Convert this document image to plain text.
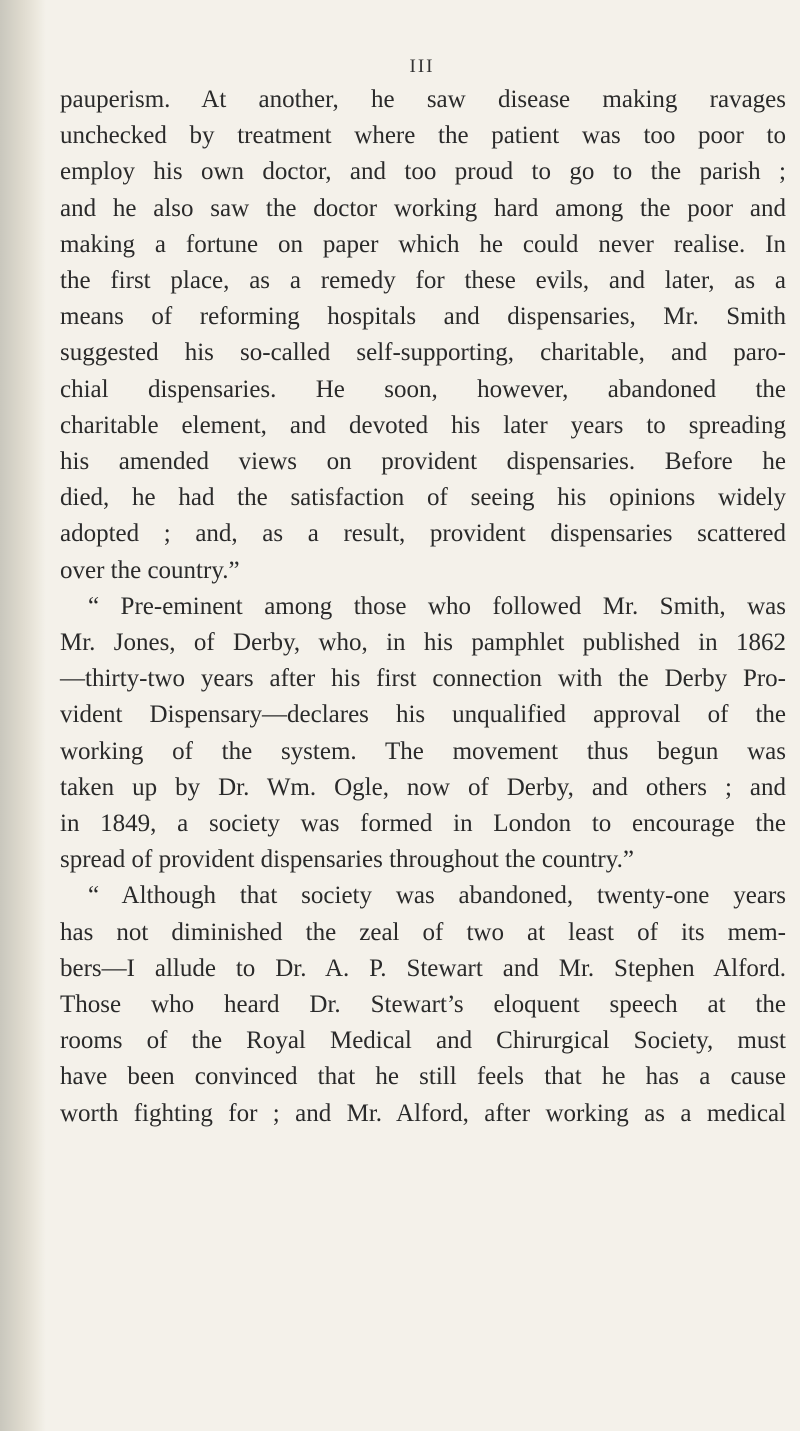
III
pauperism. At another, he saw disease making ravages
unchecked by treatment where the patient was too poor to
employ his own doctor, and too proud to go to the parish ;
and he also saw the doctor working hard among the poor and
making a fortune on paper which he could never realise. In
the first place, as a remedy for these evils, and later, as a
means of reforming hospitals and dispensaries, Mr. Smith
suggested his so-called self-supporting, charitable, and paro-
chial dispensaries. He soon, however, abandoned the
charitable element, and devoted his later years to spreading
his amended views on provident dispensaries. Before he
died, he had the satisfaction of seeing his opinions widely
adopted ; and, as a result, provident dispensaries scattered
over the country.”
“ Pre-eminent among those who followed Mr. Smith, was
Mr. Jones, of Derby, who, in his pamphlet published in 1862
—thirty-two years after his first connection with the Derby Pro-
vident Dispensary—declares his unqualified approval of the
working of the system. The movement thus begun was
taken up by Dr. Wm. Ogle, now of Derby, and others ; and
in 1849, a society was formed in London to encourage the
spread of provident dispensaries throughout the country.”
“ Although that society was abandoned, twenty-one years
has not diminished the zeal of two at least of its mem-
bers—I allude to Dr. A. P. Stewart and Mr. Stephen Alford.
Those who heard Dr. Stewart’s eloquent speech at the
rooms of the Royal Medical and Chirurgical Society, must
have been convinced that he still feels that he has a cause
worth fighting for ; and Mr. Alford, after working as a medical
